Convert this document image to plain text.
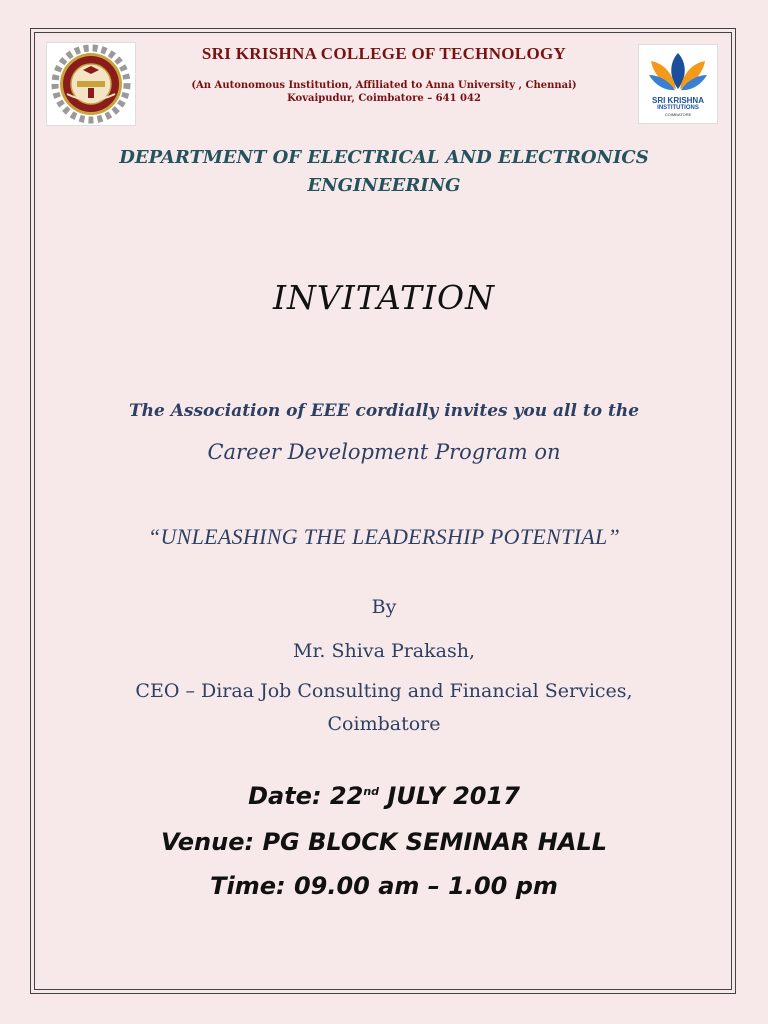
SRI KRISHNA
INSTITUTIONS
COIMBATORE
SRI KRISHNA COLLEGE OF TECHNOLOGY
(An Autonomous Institution, Affiliated to Anna University , Chennai)
Kovaipudur, Coimbatore – 641 042
DEPARTMENT OF ELECTRICAL AND ELECTRONICS
ENGINEERING
INVITATION
The Association of EEE cordially invites you all to the
Career Development Program on
“UNLEASHING THE LEADERSHIP POTENTIAL”
By
Mr. Shiva Prakash,
CEO – Diraa Job Consulting and Financial Services,
Coimbatore
Date: 22nd JULY 2017
Venue: PG BLOCK SEMINAR HALL
Time: 09.00 am – 1.00 pm
